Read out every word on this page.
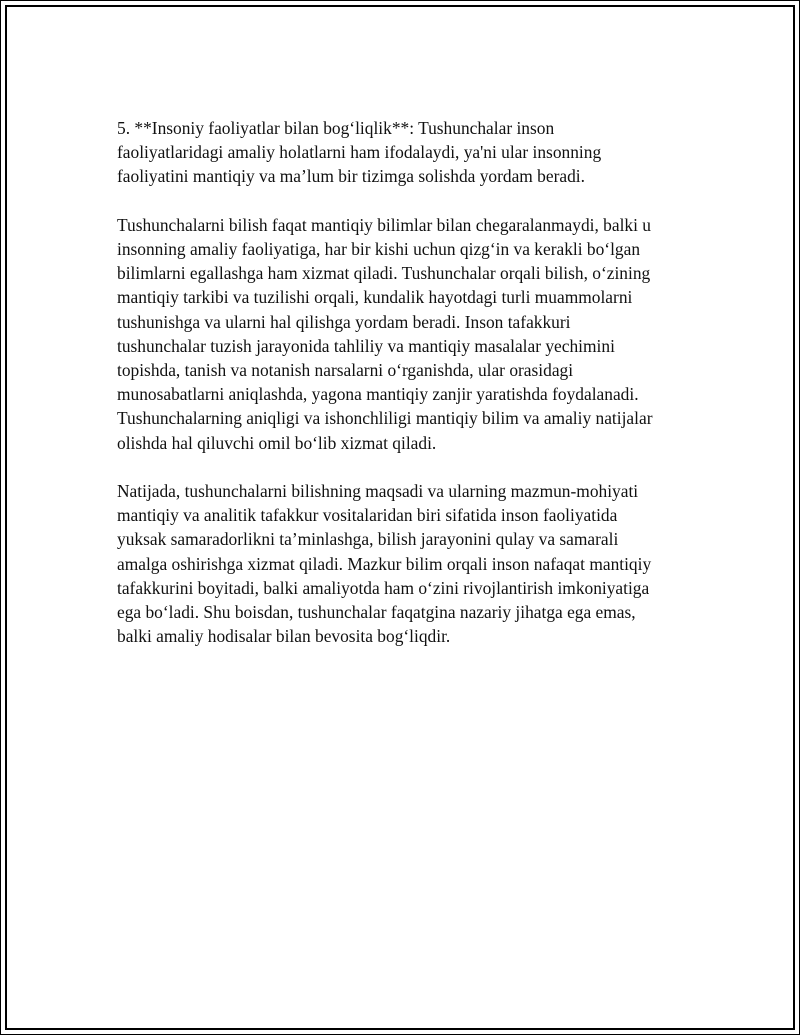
5. **Insoniy faoliyatlar bilan bog‘liqlik**: Tushunchalar inson
faoliyatlaridagi amaliy holatlarni ham ifodalaydi, ya'ni ular insonning
faoliyatini mantiqiy va ma’lum bir tizimga solishda yordam beradi.

Tushunchalarni bilish faqat mantiqiy bilimlar bilan chegaralanmaydi, balki u
insonning amaliy faoliyatiga, har bir kishi uchun qizg‘in va kerakli bo‘lgan
bilimlarni egallashga ham xizmat qiladi. Tushunchalar orqali bilish, o‘zining
mantiqiy tarkibi va tuzilishi orqali, kundalik hayotdagi turli muammolarni
tushunishga va ularni hal qilishga yordam beradi. Inson tafakkuri
tushunchalar tuzish jarayonida tahliliy va mantiqiy masalalar yechimini
topishda, tanish va notanish narsalarni o‘rganishda, ular orasidagi
munosabatlarni aniqlashda, yagona mantiqiy zanjir yaratishda foydalanadi.
Tushunchalarning aniqligi va ishonchliligi mantiqiy bilim va amaliy natijalar
olishda hal qiluvchi omil bo‘lib xizmat qiladi.

Natijada, tushunchalarni bilishning maqsadi va ularning mazmun-mohiyati
mantiqiy va analitik tafakkur vositalaridan biri sifatida inson faoliyatida
yuksak samaradorlikni ta’minlashga, bilish jarayonini qulay va samarali
amalga oshirishga xizmat qiladi. Mazkur bilim orqali inson nafaqat mantiqiy
tafakkurini boyitadi, balki amaliyotda ham o‘zini rivojlantirish imkoniyatiga
ega bo‘ladi. Shu boisdan, tushunchalar faqatgina nazariy jihatga ega emas,
balki amaliy hodisalar bilan bevosita bog‘liqdir.
